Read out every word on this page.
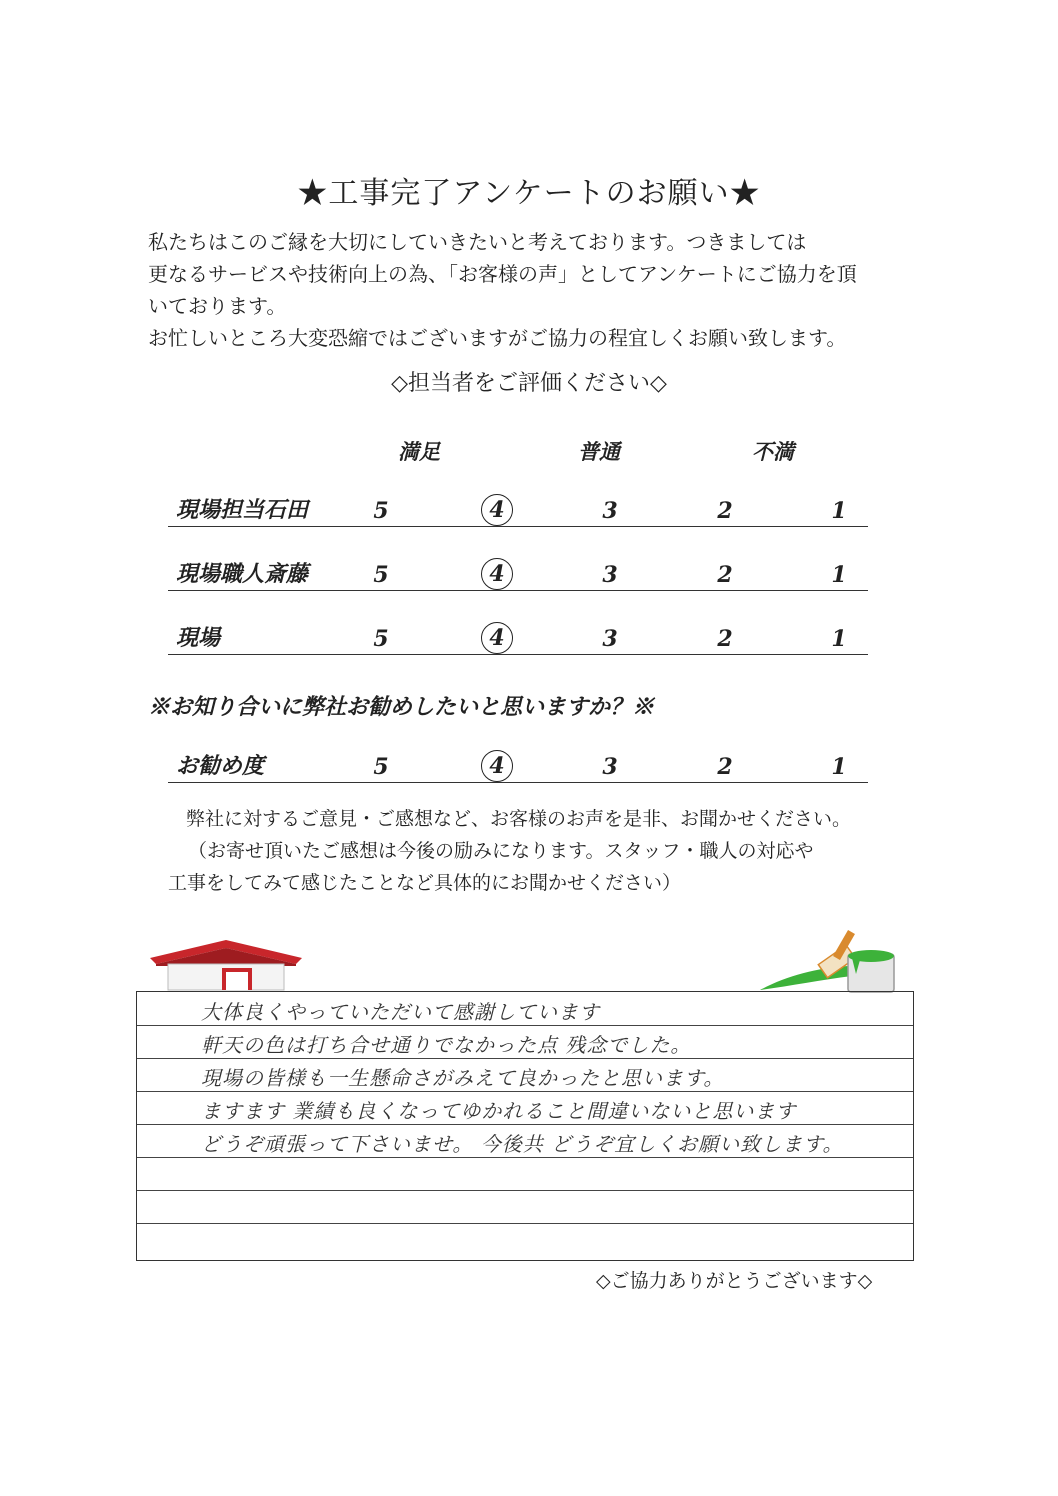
★工事完了アンケートのお願い★
私たちはこのご縁を大切にしていきたいと考えております。つきましては
更なるサービスや技術向上の為、「お客様の声」としてアンケートにご協力を頂
いております。
お忙しいところ大変恐縮ではございますがご協力の程宜しくお願い致します。
◇担当者をご評価ください◇
満足	普通	不満
現場担当石田	5	4	3	2	1
現場職人斎藤	5	4	3	2	1
現場	5	4	3	2	1
※お知り合いに弊社お勧めしたいと思いますか？※
お勧め度	5	4	3	2	1
弊社に対するご意見・ご感想など、お客様のお声を是非、お聞かせください。
（お寄せ頂いたご感想は今後の励みになります。スタッフ・職人の対応や
工事をしてみて感じたことなど具体的にお聞かせください）
大体良くやっていただいて感謝しています
軒天の色は打ち合せ通りでなかった点 残念でした。
現場の皆様も一生懸命さがみえて良かったと思います。
ますます 業績も良くなってゆかれること間違いないと思います
どうぞ頑張って下さいませ。 今後共 どうぞ宜しくお願い致します。
◇ご協力ありがとうございます◇
